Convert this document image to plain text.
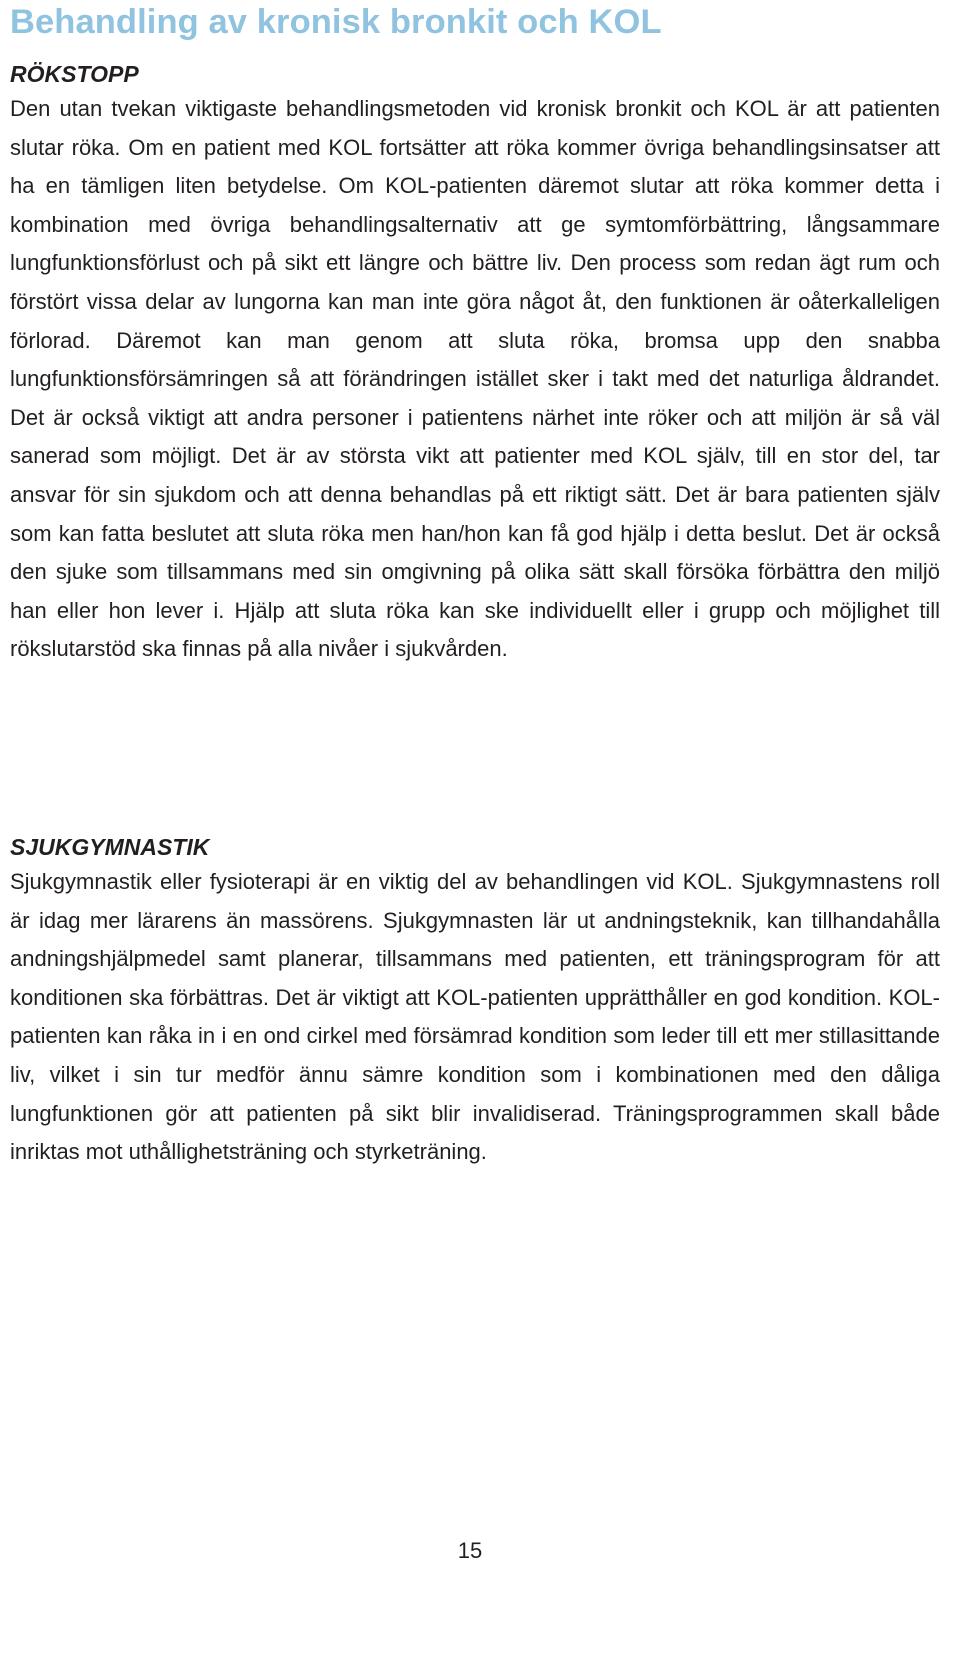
Behandling av kronisk bronkit och KOL
RÖKSTOPP

Den utan tvekan viktigaste behandlingsmetoden vid kronisk bronkit och KOL är att patienten slutar röka. Om en patient med KOL fortsätter att röka kommer övriga behandlingsinsatser att ha en tämligen liten betydelse. Om KOL-patienten däremot slutar att röka kommer detta i kombination med övriga behandlingsalternativ att ge symtomförbättring, långsammare lungfunktionsförlust och på sikt ett längre och bättre liv. Den process som redan ägt rum och förstört vissa delar av lungorna kan man inte göra något åt, den funktionen är oåterkalleligen förlorad. Däremot kan man genom att sluta röka, bromsa upp den snabba lungfunktionsförsämringen så att förändringen istället sker i takt med det naturliga åldrandet. Det är också viktigt att andra personer i patientens närhet inte röker och att miljön är så väl sanerad som möjligt. Det är av största vikt att patienter med KOL själv, till en stor del, tar ansvar för sin sjukdom och att denna behandlas på ett riktigt sätt. Det är bara patienten själv som kan fatta beslutet att sluta röka men han/hon kan få god hjälp i detta beslut. Det är också den sjuke som tillsammans med sin omgivning på olika sätt skall försöka förbättra den miljö han eller hon lever i. Hjälp att sluta röka kan ske individuellt eller i grupp och möjlighet till rökslutarstöd ska finnas på alla nivåer i sjukvården.

SJUKGYMNASTIK

Sjukgymnastik eller fysioterapi är en viktig del av behandlingen vid KOL. Sjukgymnastens roll är idag mer lärarens än massörens. Sjukgymnasten lär ut andningsteknik, kan tillhandahålla andningshjälpmedel samt planerar, tillsammans med patienten, ett träningsprogram för att konditionen ska förbättras. Det är viktigt att KOL-patienten upprätthåller en god kondition. KOL-patienten kan råka in i en ond cirkel med försämrad kondition som leder till ett mer stillasittande liv, vilket i sin tur medför ännu sämre kondition som i kombinationen med den dåliga lungfunktionen gör att patienten på sikt blir invalidiserad. Träningsprogrammen skall både inriktas mot uthållighetsträning och styrketräning.

15
